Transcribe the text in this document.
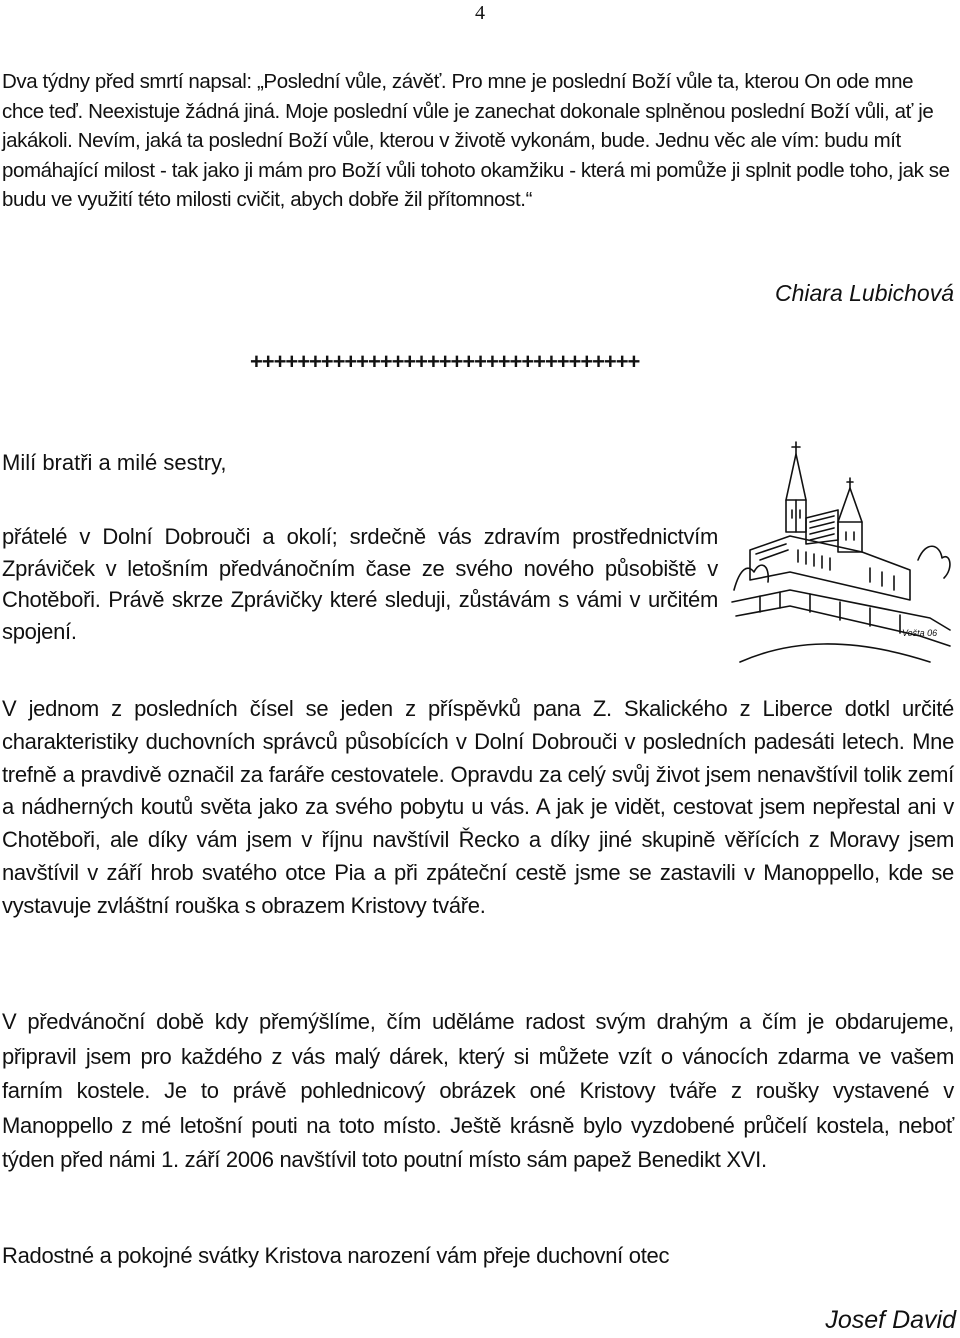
4

Dva týdny před smrtí napsal: „Poslední vůle, závěť. Pro mne je poslední Boží vůle ta, kterou On ode mne chce teď. Neexistuje žádná jiná. Moje poslední vůle je zanechat dokonale splněnou poslední Boží vůli, ať je jakákoli. Nevím, jaká ta poslední Boží vůle, kterou v životě vykonám, bude. Jednu věc ale vím: budu mít pomáhající milost - tak jako ji mám pro Boží vůli tohoto okamžiku - která mi pomůže ji splnit podle toho, jak se budu ve využití této milosti cvičit, abych dobře žil přítomnost.“

Chiara Lubichová
+++++++++++++++++++++++++++++++++
Milí bratři a milé sestry,

přátelé v Dolní Dobrouči a okolí; srdečně vás zdravím prostřednictvím Zpráviček v letošním předvánočním čase ze svého nového působiště v Chotěboři. Právě skrze Zprávičky které sleduji, zůstávám s vámi v určitém spojení.	Vošta 06

V jednom z posledních čísel se jeden z příspěvků pana Z. Skalického z Liberce dotkl určité charakteristiky duchovních správců působících v Dolní Dobrouči v posledních padesáti letech. Mne trefně a pravdivě označil za faráře cestovatele. Opravdu za celý svůj život jsem nenavštívil tolik zemí a nádherných koutů světa jako za svého pobytu u vás. A jak je vidět, cestovat jsem nepřestal ani v Chotěboři, ale díky vám jsem v říjnu navštívil Řecko a díky jiné skupině věřících z Moravy jsem navštívil v září hrob svatého otce Pia a při zpáteční cestě jsme se zastavili v Manoppello, kde se vystavuje zvláštní rouška s obrazem Kristovy tváře.

V předvánoční době kdy přemýšlíme, čím uděláme radost svým drahým a čím je obdarujeme, připravil jsem pro každého z vás malý dárek, který si můžete vzít o vánocích zdarma ve vašem farním kostele. Je to právě pohlednicový obrázek oné Kristovy tváře z roušky vystavené v Manoppello z mé letošní pouti na toto místo. Ještě krásně bylo vyzdobené průčelí kostela, neboť týden před námi 1. září 2006 navštívil toto poutní místo sám papež Benedikt XVI.

Radostné a pokojné svátky Kristova narození vám přeje duchovní otec

Josef David
